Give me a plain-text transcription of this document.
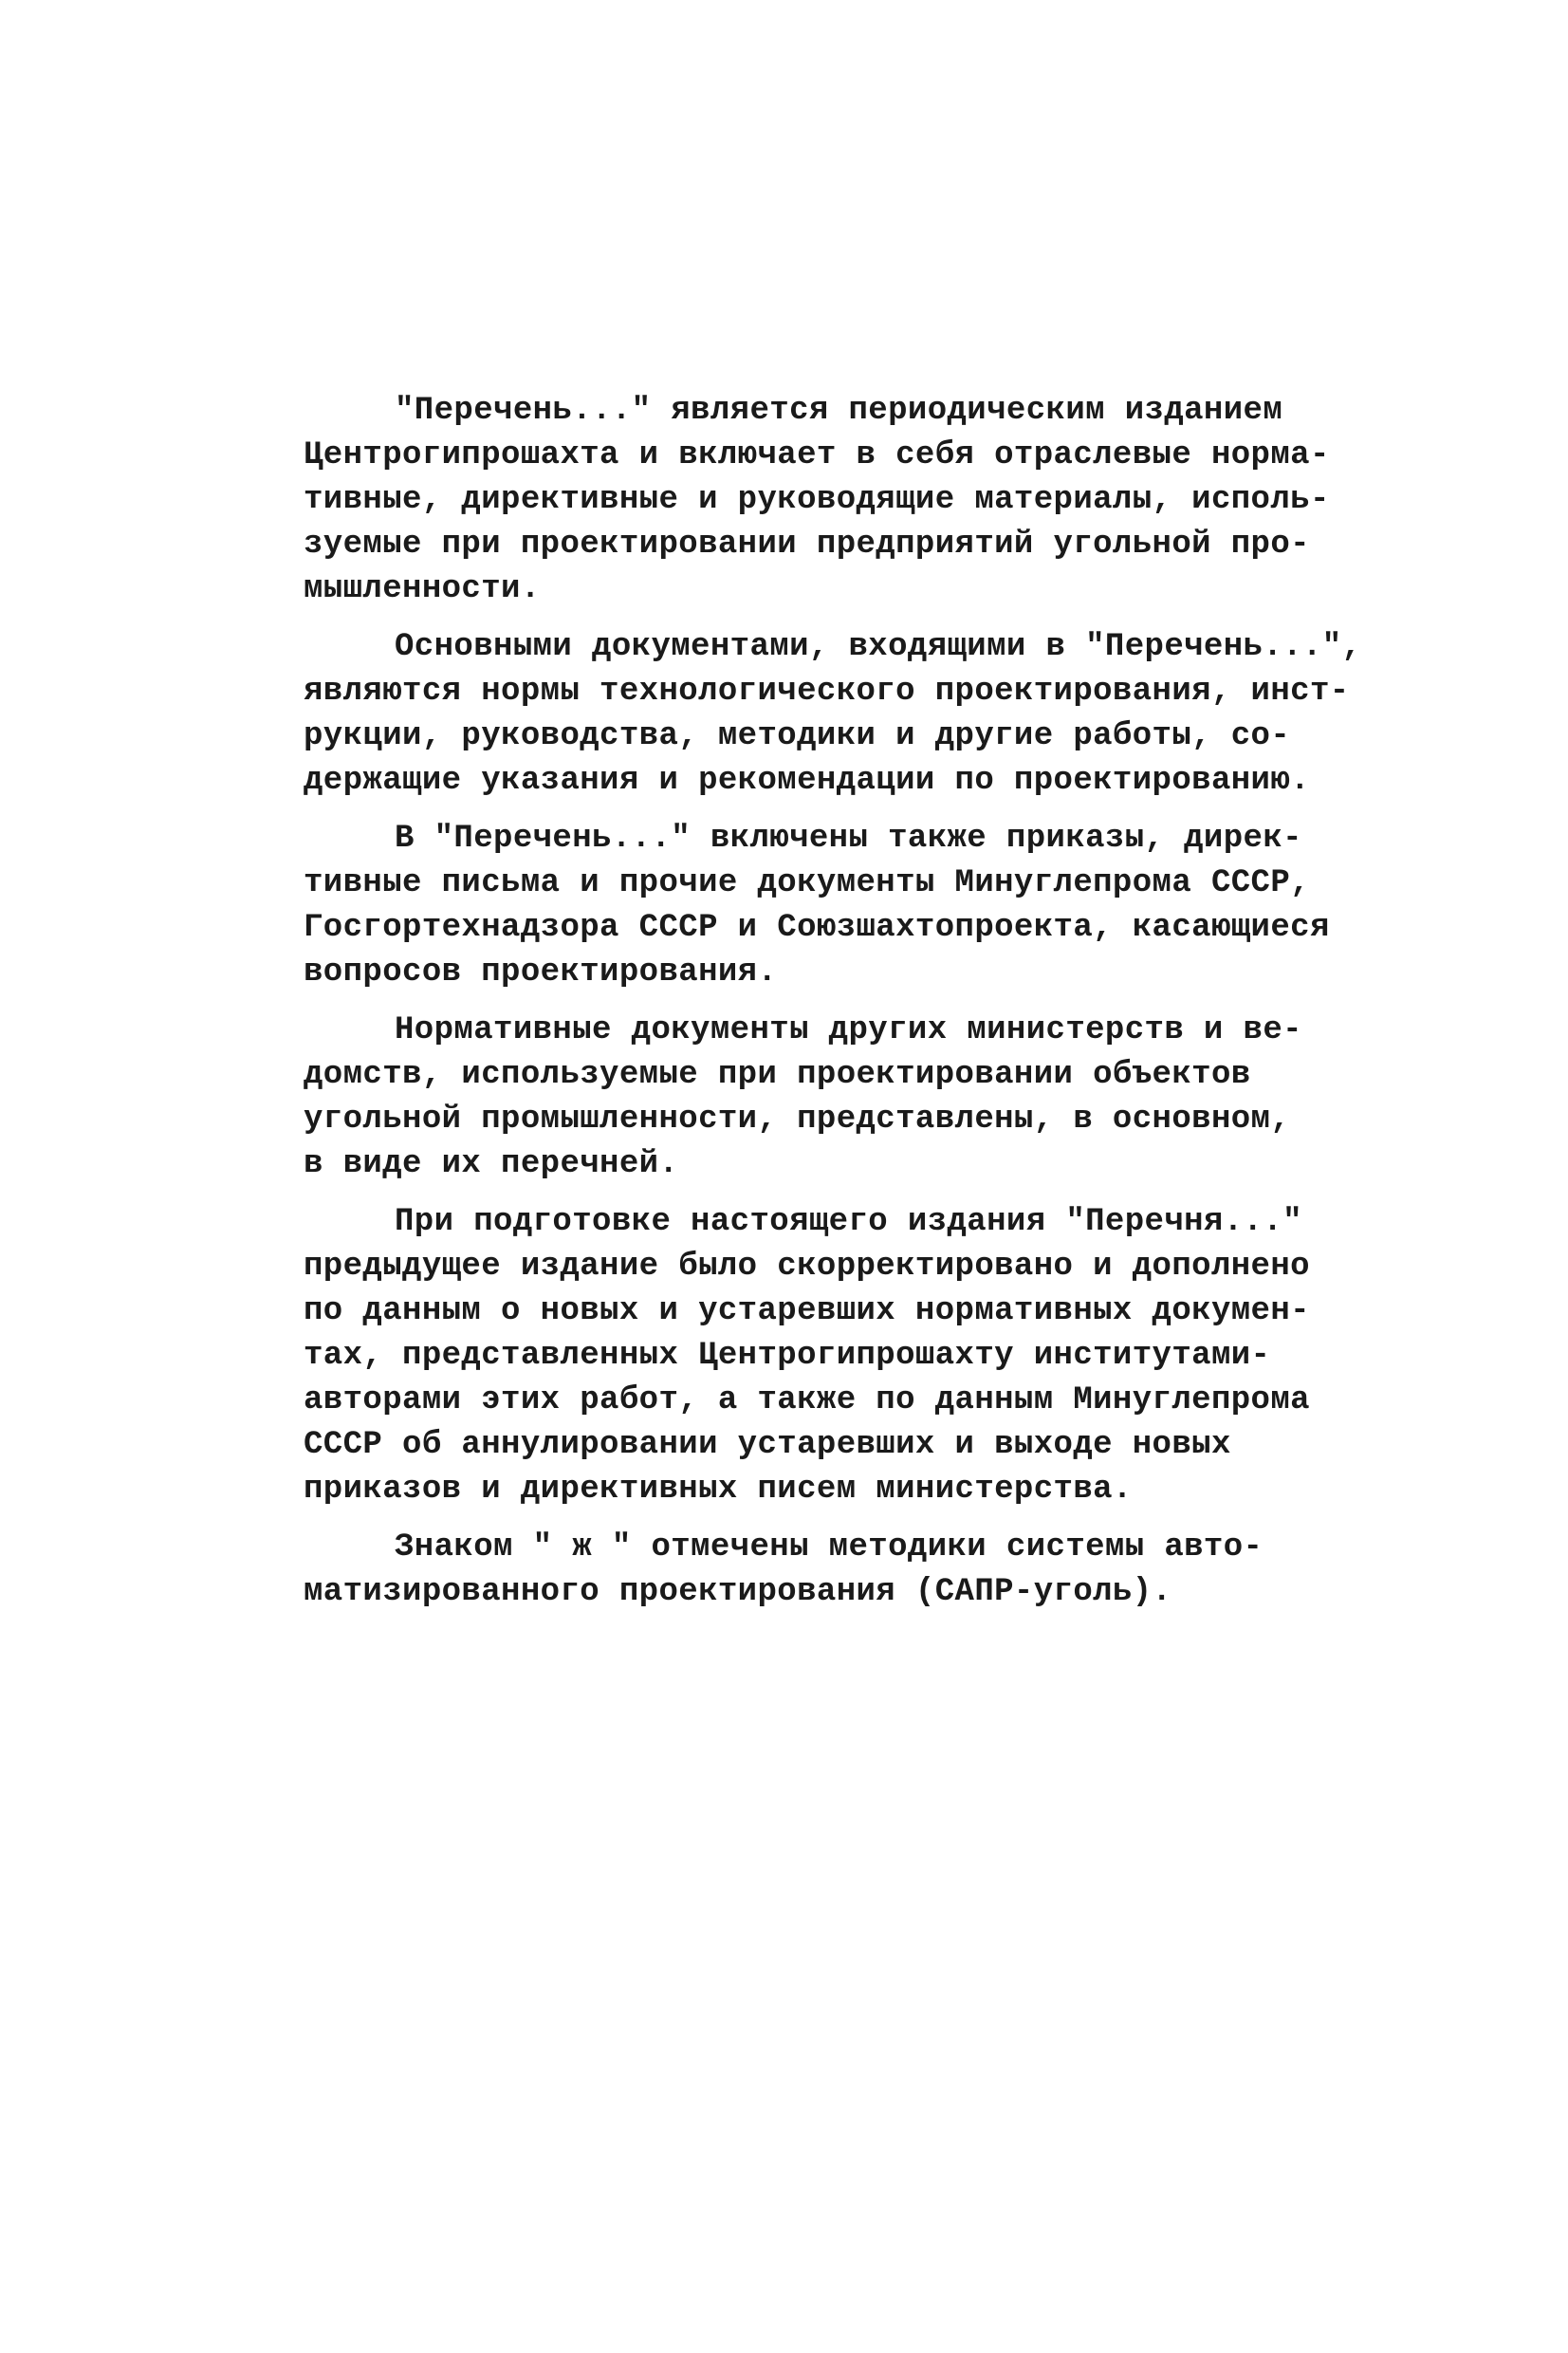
"Перечень..." является периодическим изданием
Центрогипрошахта и включает в себя отраслевые норма-
тивные, директивные и руководящие материалы, исполь-
зуемые при проектировании предприятий угольной про-
мышленности.
Основными документами, входящими в "Перечень...",
являются нормы технологического проектирования, инст-
рукции, руководства, методики и другие работы, со-
держащие указания и рекомендации по проектированию.
В "Перечень..." включены также приказы, дирек-
тивные письма и прочие документы Минуглепрома СССР,
Госгортехнадзора СССР и Союзшахтопроекта, касающиеся
вопросов проектирования.
Нормативные документы других министерств и ве-
домств, используемые при проектировании объектов
угольной промышленности, представлены, в основном,
в виде их перечней.
При подготовке настоящего издания "Перечня..."
предыдущее издание было скорректировано и дополнено
по данным о новых и устаревших нормативных докумен-
тах, представленных Центрогипрошахту институтами-
авторами этих работ, а также по данным Минуглепрома
СССР об аннулировании устаревших и выходе новых
приказов и директивных писем министерства.
Знаком " ж " отмечены методики системы авто-
матизированного проектирования (САПР-уголь).
